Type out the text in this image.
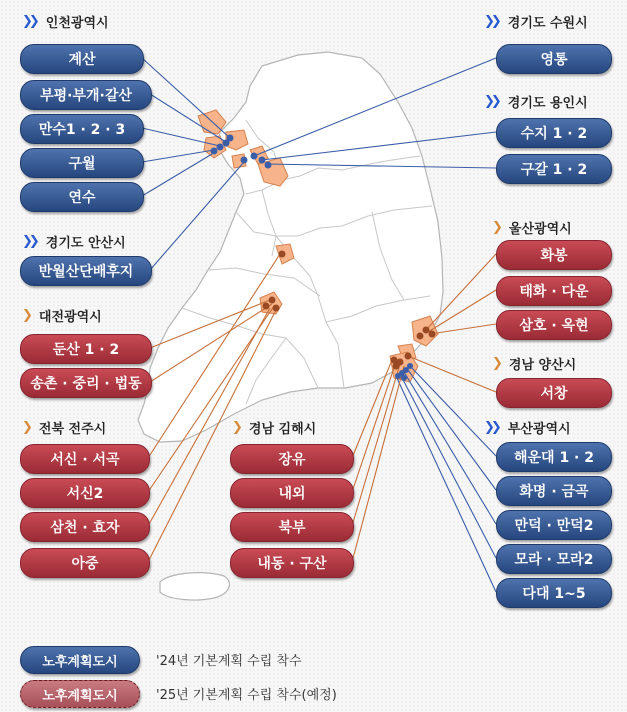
❯❯ 인천광역시
계산
부평·부개·갈산
만수1 · 2 · 3
구월
연수
❯❯ 경기도 안산시
반월산단배후지
❯ 대전광역시
둔산 1 · 2
송촌 · 중리 · 법동
❯ 전북 전주시
서신 · 서곡
서신2
삼천 · 효자
아중
❯ 경남 김해시
장유
내외
북부
내동 · 구산
❯❯ 경기도 수원시
영통
❯❯ 경기도 용인시
수지 1 · 2
구갈 1 · 2
❯ 울산광역시
화봉
태화 · 다운
삼호 · 옥현
❯ 경남 양산시
서창
❯❯ 부산광역시
해운대 1 · 2
화명 · 금곡
만덕 · 만덕2
모라 · 모라2
다대 1~5
노후계획도시	'24년 기본계획 수립 착수
노후계획도시	'25년 기본계획 수립 착수(예정)
